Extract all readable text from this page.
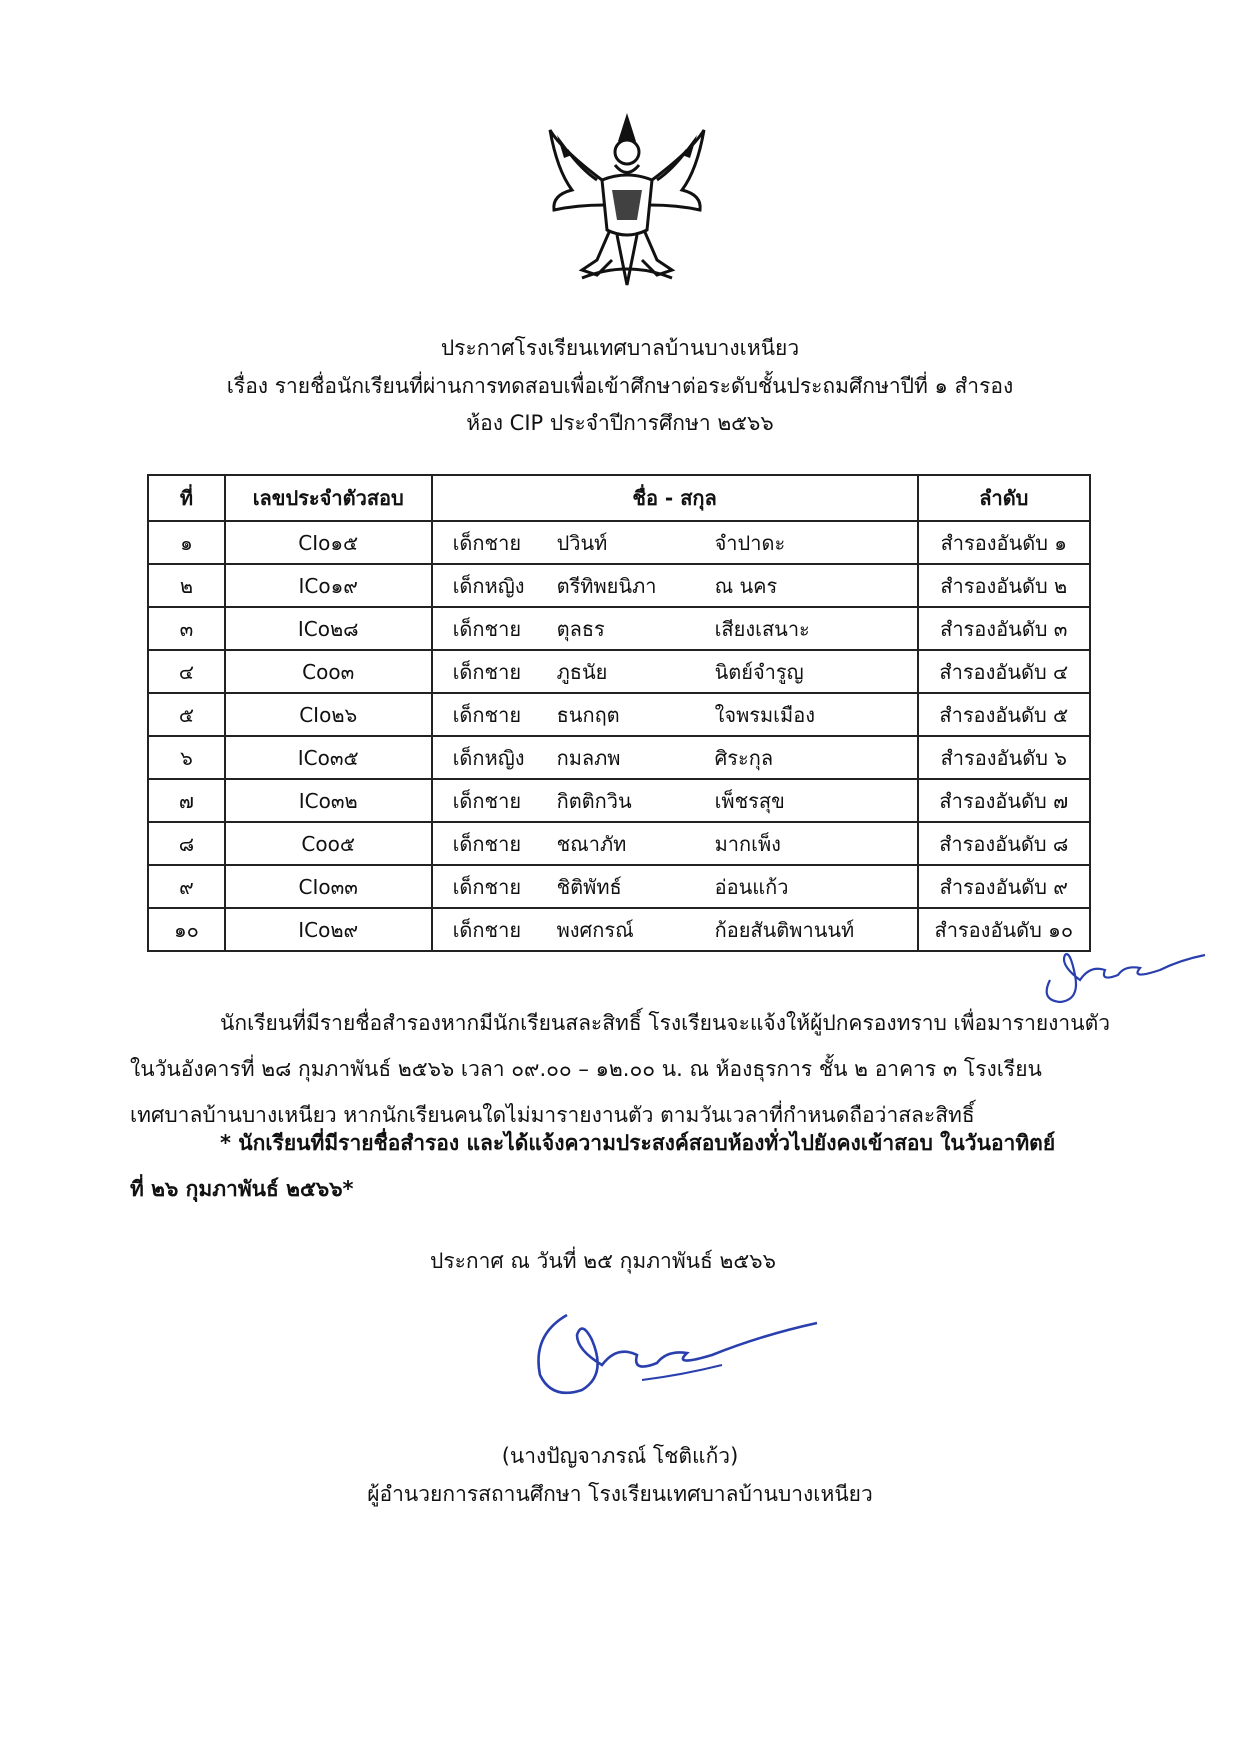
ประกาศโรงเรียนเทศบาลบ้านบางเหนียว
เรื่อง รายชื่อนักเรียนที่ผ่านการทดสอบเพื่อเข้าศึกษาต่อระดับชั้นประถมศึกษาปีที่ ๑ สำรอง
ห้อง CIP ประจำปีการศึกษา ๒๕๖๖
ที่	เลขประจำตัวสอบ	ชื่อ - สกุล	ลำดับ
๑	CIo๑๕	เด็กชาย ปวินท์ จำปาดะ	สำรองอันดับ ๑
๒	ICo๑๙	เด็กหญิง ตรีทิพยนิภา ณ นคร	สำรองอันดับ ๒
๓	ICo๒๘	เด็กชาย ตุลธร เสียงเสนาะ	สำรองอันดับ ๓
๔	Coo๓	เด็กชาย ภูธนัย นิตย์จำรูญ	สำรองอันดับ ๔
๕	CIo๒๖	เด็กชาย ธนกฤต ใจพรมเมือง	สำรองอันดับ ๕
๖	ICo๓๕	เด็กหญิง กมลภพ ศิระกุล	สำรองอันดับ ๖
๗	ICo๓๒	เด็กชาย กิตติกวิน เพ็ชรสุข	สำรองอันดับ ๗
๘	Coo๕	เด็กชาย ชณาภัท มากเพ็ง	สำรองอันดับ ๘
๙	CIo๓๓	เด็กชาย ชิติพัทธ์ อ่อนแก้ว	สำรองอันดับ ๙
๑๐	ICo๒๙	เด็กชาย พงศกรณ์ ก้อยสันติพานนท์	สำรองอันดับ ๑๐
นักเรียนที่มีรายชื่อสำรองหากมีนักเรียนสละสิทธิ์ โรงเรียนจะแจ้งให้ผู้ปกครองทราบ เพื่อมารายงานตัว
ในวันอังคารที่ ๒๘ กุมภาพันธ์ ๒๕๖๖ เวลา ๐๙.๐๐ – ๑๒.๐๐ น. ณ ห้องธุรการ ชั้น ๒ อาคาร ๓ โรงเรียน เทศบาลบ้านบางเหนียว หากนักเรียนคนใดไม่มารายงานตัว ตามวันเวลาที่กำหนดถือว่าสละสิทธิ์
* นักเรียนที่มีรายชื่อสำรอง และได้แจ้งความประสงค์สอบห้องทั่วไปยังคงเข้าสอบ ในวันอาทิตย์
ที่ ๒๖ กุมภาพันธ์ ๒๕๖๖*
ประกาศ ณ วันที่ ๒๕ กุมภาพันธ์ ๒๕๖๖
(นางปัญจาภรณ์ โชติแก้ว)
ผู้อำนวยการสถานศึกษา โรงเรียนเทศบาลบ้านบางเหนียว
